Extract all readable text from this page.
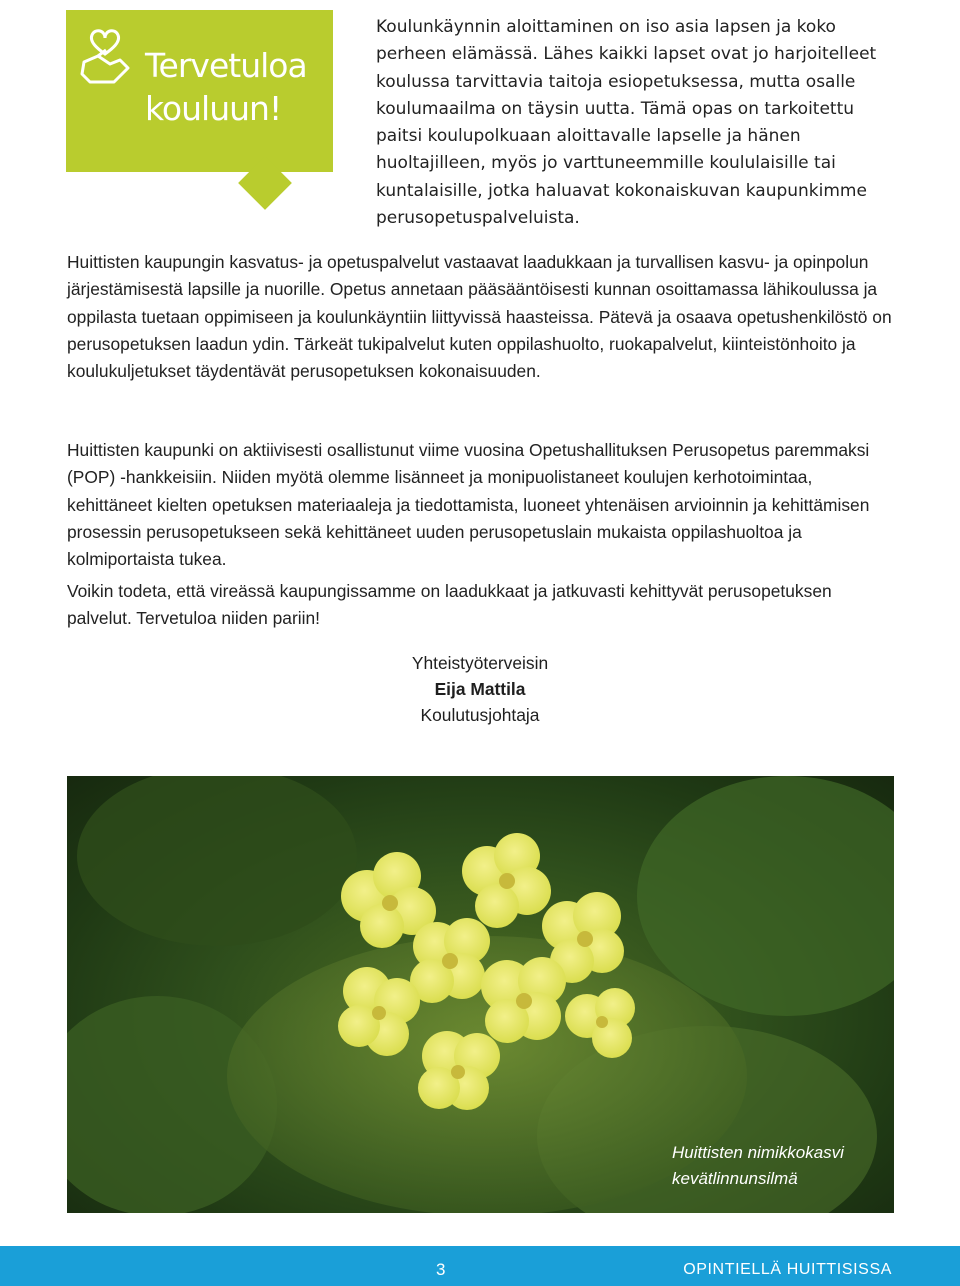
Tervetuloa kouluun!

Koulunkäynnin aloittaminen on iso asia lapsen ja koko perheen elämässä. Lähes kaikki lapset ovat jo harjoitelleet koulussa tarvittavia taitoja esiopetuksessa, mutta osalle koulumaailma on täysin uutta. Tämä opas on tarkoitettu paitsi koulupolkuaan aloittavalle lapselle ja hänen huoltajilleen, myös jo varttuneemmille koululaisille tai kuntalaisille, jotka haluavat kokonaiskuvan kaupunkimme perusopetuspalveluista.

Huittisten kaupungin kasvatus- ja opetuspalvelut vastaavat laadukkaan ja turvallisen kasvu- ja opinpolun järjestämisestä lapsille ja nuorille. Opetus annetaan pääsääntöisesti kunnan osoittamassa lähikoulussa ja oppilasta tuetaan oppimiseen ja koulunkäyntiin liittyvissä haasteissa. Pätevä ja osaava opetushenkilöstö on perusopetuksen laadun ydin. Tärkeät tukipalvelut kuten oppilashuolto, ruokapalvelut, kiinteistönhoito ja koulukuljetukset täydentävät perusopetuksen kokonaisuuden.

Huittisten kaupunki on aktiivisesti osallistunut viime vuosina Opetushallituksen Perusopetus paremmaksi (POP) -hankkeisiin. Niiden myötä olemme lisänneet ja monipuolistaneet koulujen kerhotoimintaa, kehittäneet kielten opetuksen materiaaleja ja tiedottamista, luoneet yhtenäisen arvioinnin ja kehittämisen prosessin perusopetukseen sekä kehittäneet uuden perusopetuslain mukaista oppilashuoltoa ja kolmiportaista tukea.

Voikin todeta, että vireässä kaupungissamme on laadukkaat ja jatkuvasti kehittyvät perusopetuksen palvelut. Tervetuloa niiden pariin!

Yhteistyöterveisin
Eija Mattila
Koulutusjohtaja
Huittisten nimikkokasvi
kevätlinnunsilmä
3	OPINTIELLÄ HUITTISISSA
